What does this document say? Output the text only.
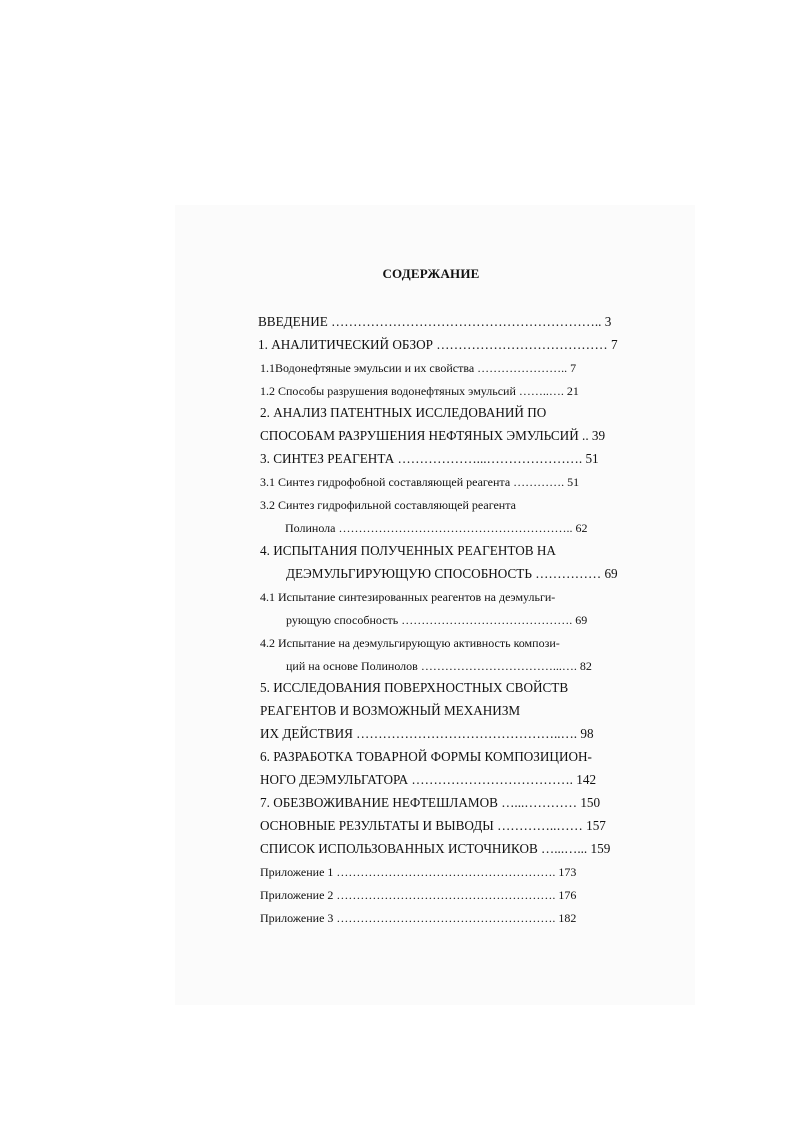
СОДЕРЖАНИЕ
ВВЕДЕНИЕ …………………………………………………….. 3
1. АНАЛИТИЧЕСКИЙ ОБЗОР ………………………………… 7
1.1Водонефтяные эмульсии и их свойства ………………….. 7
1.2 Способы разрушения водонефтяных эмульсий ……..…. 21
2. АНАЛИЗ ПАТЕНТНЫХ ИССЛЕДОВАНИЙ ПО
СПОСОБАМ РАЗРУШЕНИЯ НЕФТЯНЫХ ЭМУЛЬСИЙ .. 39
3. СИНТЕЗ РЕАГЕНТА ………………...…………………. 51
3.1 Синтез гидрофобной составляющей реагента …………. 51
3.2 Синтез гидрофильной составляющей реагента
Полинола ………………………………………………….. 62
4. ИСПЫТАНИЯ ПОЛУЧЕННЫХ РЕАГЕНТОВ НА
ДЕЭМУЛЬГИРУЮЩУЮ СПОСОБНОСТЬ …………… 69
4.1 Испытание синтезированных реагентов на деэмульги-
рующую способность ……………………………………. 69
4.2 Испытание на деэмульгирующую активность компози-
ций на основе Полинолов ……………………………...…. 82
5. ИССЛЕДОВАНИЯ ПОВЕРХНОСТНЫХ СВОЙСТВ
РЕАГЕНТОВ И ВОЗМОЖНЫЙ МЕХАНИЗМ
ИХ ДЕЙСТВИЯ ………………………………………..…. 98
6. РАЗРАБОТКА ТОВАРНОЙ ФОРМЫ КОМПОЗИЦИОН-
НОГО ДЕЭМУЛЬГАТОРА ………………………………. 142
7. ОБЕЗВОЖИВАНИЕ НЕФТЕШЛАМОВ …...………… 150
ОСНОВНЫЕ РЕЗУЛЬТАТЫ И ВЫВОДЫ …………..…… 157
СПИСОК ИСПОЛЬЗОВАННЫХ ИСТОЧНИКОВ …...…... 159
Приложение 1 ………………………………………………. 173
Приложение 2 ………………………………………………. 176
Приложение 3 ………………………………………………. 182
